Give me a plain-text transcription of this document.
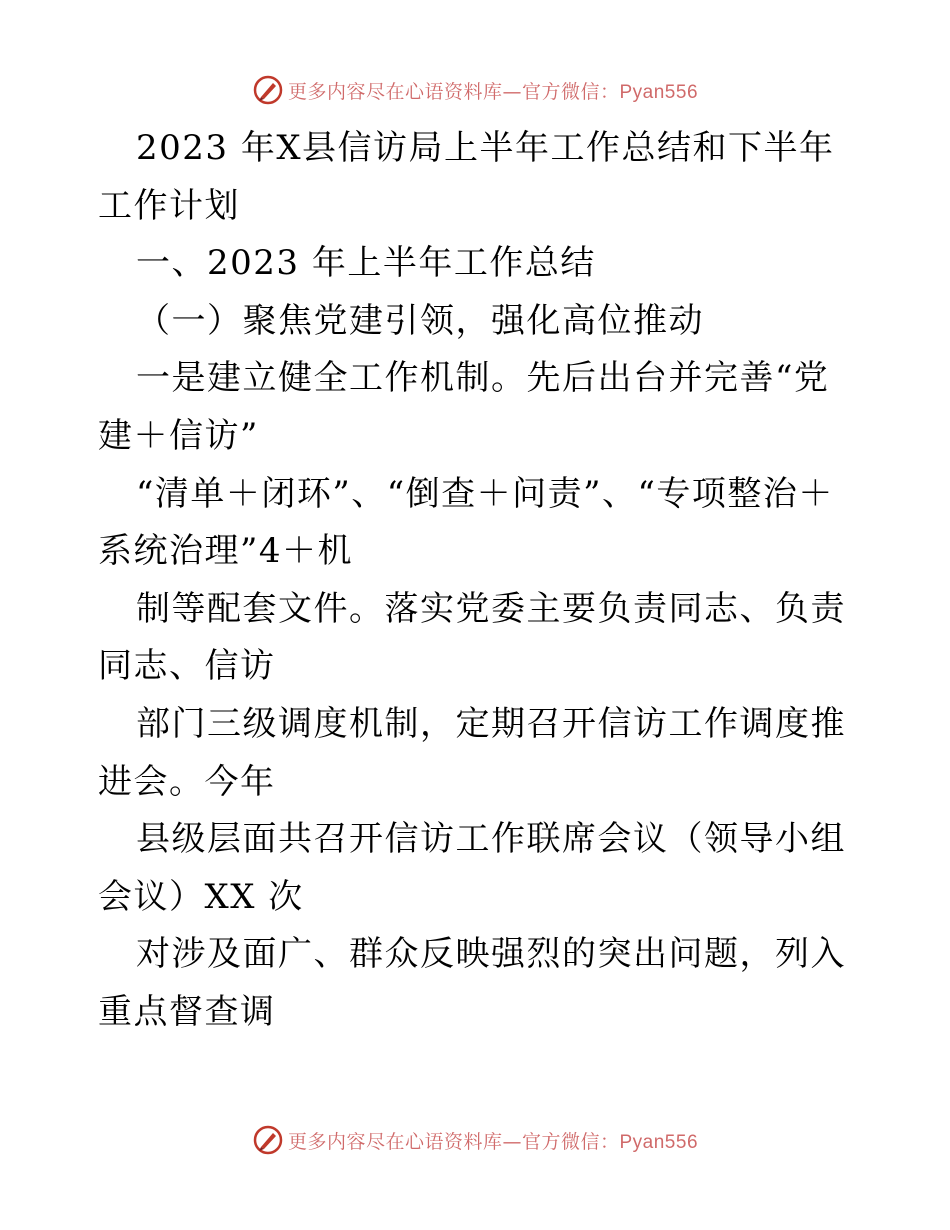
更多内容尽在心语资料库—官方微信：Pyan556

2023 年X县信访局上半年工作总结和下半年工作计划

一、2023 年上半年工作总结

（一）聚焦党建引领，强化高位推动

一是建立健全工作机制。先后出台并完善“党建＋信访”

“清单＋闭环”、“倒查＋问责”、“专项整治＋系统治理”4＋机

制等配套文件。落实党委主要负责同志、负责同志、信访

部门三级调度机制，定期召开信访工作调度推进会。今年

县级层面共召开信访工作联席会议（领导小组会议）XX 次

对涉及面广、群众反映强烈的突出问题，列入重点督查调

更多内容尽在心语资料库—官方微信：Pyan556
